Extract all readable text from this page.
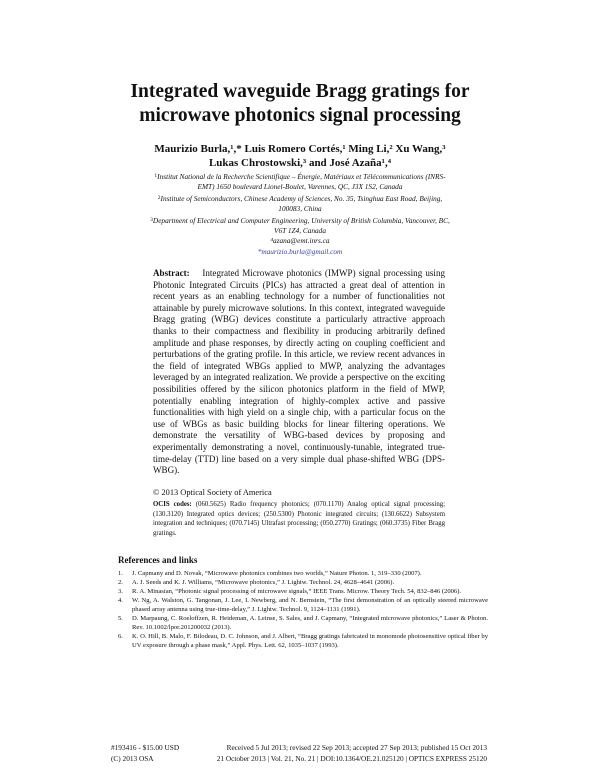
Integrated waveguide Bragg gratings for
microwave photonics signal processing
Maurizio Burla,¹,* Luis Romero Cortés,¹ Ming Li,² Xu Wang,³
Lukas Chrostowski,³ and José Azaña¹,⁴
$^1$Institut National de la Recherche Scientifique – Énergie, Matériaux et Télécommunications (INRS-EMT) 1650 boulevard Lionel-Boulet, Varennes, QC, J3X 1S2, Canada
$^2$Institute of Semiconductors, Chinese Academy of Sciences, No. 35, Tsinghua East Road, Beijing, 100083, China
$^3$Department of Electrical and Computer Engineering, University of British Columbia, Vancouver, BC, V6T 1Z4, Canada
⁴azana@emt.inrs.ca
*maurizio.burla@gmail.com
Abstract: Integrated Microwave photonics (IMWP) signal processing using Photonic Integrated Circuits (PICs) has attracted a great deal of attention in recent years as an enabling technology for a number of functionalities not attainable by purely microwave solutions. In this context, integrated waveguide Bragg grating (WBG) devices constitute a particularly attractive approach thanks to their compactness and flexibility in producing arbitrarily defined amplitude and phase responses, by directly acting on coupling coefficient and perturbations of the grating profile. In this article, we review recent advances in the field of integrated WBGs applied to MWP, analyzing the advantages leveraged by an integrated realization. We provide a perspective on the exciting possibilities offered by the silicon photonics platform in the field of MWP, potentially enabling integration of highly-complex active and passive functionalities with high yield on a single chip, with a particular focus on the use of WBGs as basic building blocks for linear filtering operations. We demonstrate the versatility of WBG-based devices by proposing and experimentally demonstrating a novel, continuously-tunable, integrated true-time-delay (TTD) line based on a very simple dual phase-shifted WBG (DPS-WBG).
© 2013 Optical Society of America
OCIS codes: (060.5625) Radio frequency photonics; (070.1170) Analog optical signal processing; (130.3120) Integrated optics devices; (250.5300) Photonic integrated circuits; (130.6622) Subsystem integration and techniques; (070.7145) Ultrafast processing; (050.2770) Gratings; (060.3735) Fiber Bragg gratings.
References and links
1. J. Capmany and D. Novak, “Microwave photonics combines two worlds,” Nature Photon. 1, 319–330 (2007).
2. A. J. Seeds and K. J. Williams, “Microwave photonics,” J. Lightw. Technol. 24, 4628–4641 (2006).
3. R. A. Minasian, “Photonic signal processing of microwave signals,” IEEE Trans. Microw. Theory Tech. 54, 832–846 (2006).
4. W. Ng, A. Walston, G. Tangonan, J. Lee, I. Newberg, and N. Bernstein, “The first demonstration of an optically steered microwave phased array antenna using true-time-delay,” J. Lightw. Technol. 9, 1124–1131 (1991).
5. D. Marpaung, C. Roeloffzen, R. Heideman, A. Leinse, S. Sales, and J. Capmany, “Integrated microwave photonics,” Laser & Photon. Rev. 10.1002/lpor.201200032 (2013).
6. K. O. Hill, B. Malo, F. Bilodeau, D. C. Johnson, and J. Albert, “Bragg gratings fabricated in monomode photosensitive optical fiber by UV exposure through a phase mask,” Appl. Phys. Lett. 62, 1035–1037 (1993).
#193416 - $15.00 USD	Received 5 Jul 2013; revised 22 Sep 2013; accepted 27 Sep 2013; published 15 Oct 2013
(C) 2013 OSA	21 October 2013 | Vol. 21, No. 21 | DOI:10.1364/OE.21.025120 | OPTICS EXPRESS 25120
